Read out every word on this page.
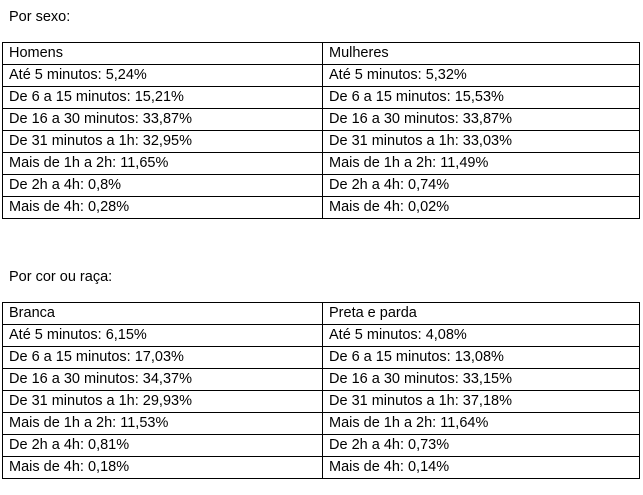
Por sexo:

Homens	Mulheres
Até 5 minutos: 5,24%	Até 5 minutos: 5,32%
De 6 a 15 minutos: 15,21%	De 6 a 15 minutos: 15,53%
De 16 a 30 minutos: 33,87%	De 16 a 30 minutos: 33,87%
De 31 minutos a 1h: 32,95%	De 31 minutos a 1h: 33,03%
Mais de 1h a 2h: 11,65%	Mais de 1h a 2h: 11,49%
De 2h a 4h: 0,8%	De 2h a 4h: 0,74%
Mais de 4h: 0,28%	Mais de 4h: 0,02%

Por cor ou raça:

Branca	Preta e parda
Até 5 minutos: 6,15%	Até 5 minutos: 4,08%
De 6 a 15 minutos: 17,03%	De 6 a 15 minutos: 13,08%
De 16 a 30 minutos: 34,37%	De 16 a 30 minutos: 33,15%
De 31 minutos a 1h: 29,93%	De 31 minutos a 1h: 37,18%
Mais de 1h a 2h: 11,53%	Mais de 1h a 2h: 11,64%
De 2h a 4h: 0,81%	De 2h a 4h: 0,73%
Mais de 4h: 0,18%	Mais de 4h: 0,14%
